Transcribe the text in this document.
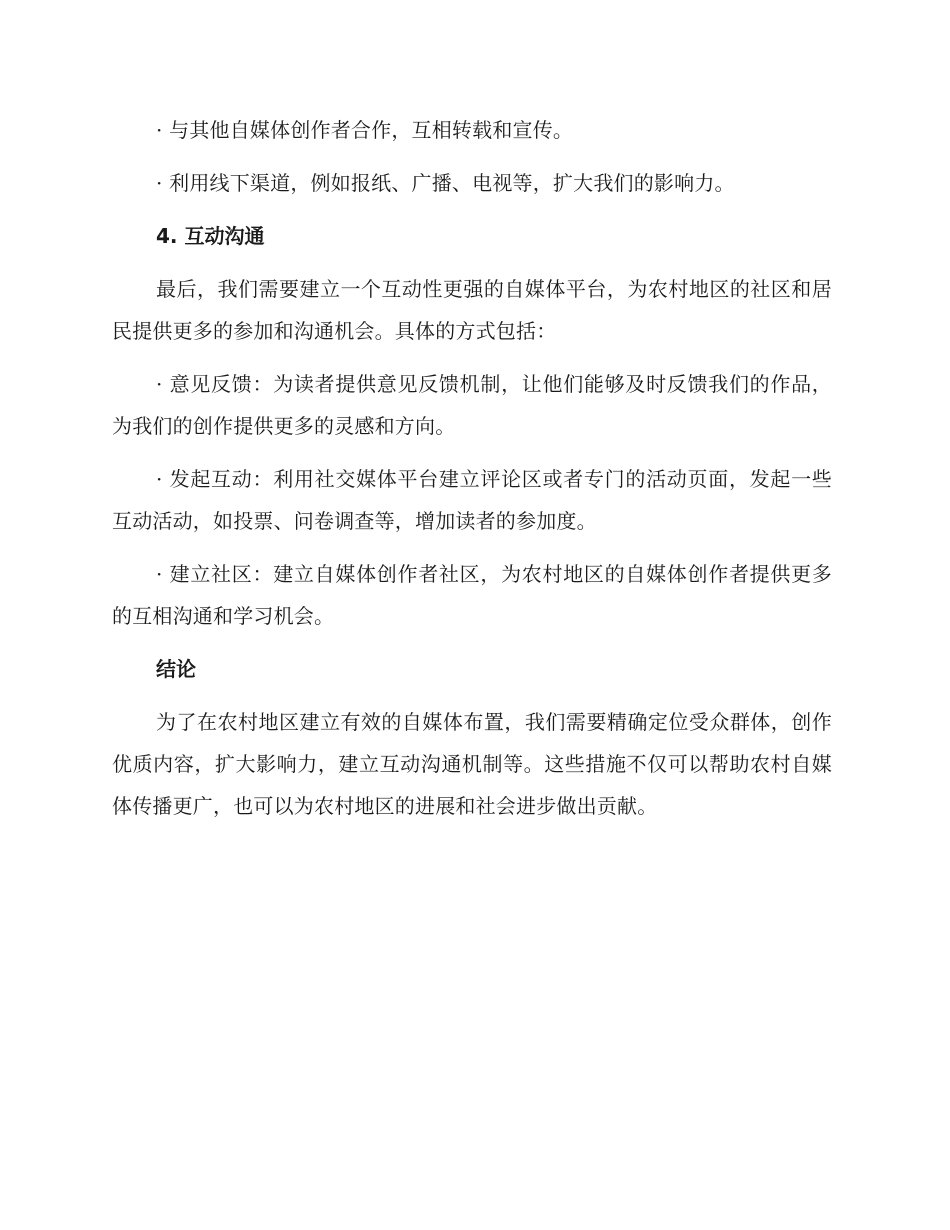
· 与其他自媒体创作者合作，互相转载和宣传。

· 利用线下渠道，例如报纸、广播、电视等，扩大我们的影响力。

4. 互动沟通

最后，我们需要建立一个互动性更强的自媒体平台，为农村地区的社区和居民提供更多的参加和沟通机会。具体的方式包括：

· 意见反馈：为读者提供意见反馈机制，让他们能够及时反馈我们的作品，为我们的创作提供更多的灵感和方向。

· 发起互动：利用社交媒体平台建立评论区或者专门的活动页面，发起一些互动活动，如投票、问卷调查等，增加读者的参加度。

· 建立社区：建立自媒体创作者社区，为农村地区的自媒体创作者提供更多的互相沟通和学习机会。

结论

为了在农村地区建立有效的自媒体布置，我们需要精确定位受众群体，创作优质内容，扩大影响力，建立互动沟通机制等。这些措施不仅可以帮助农村自媒体传播更广，也可以为农村地区的进展和社会进步做出贡献。
